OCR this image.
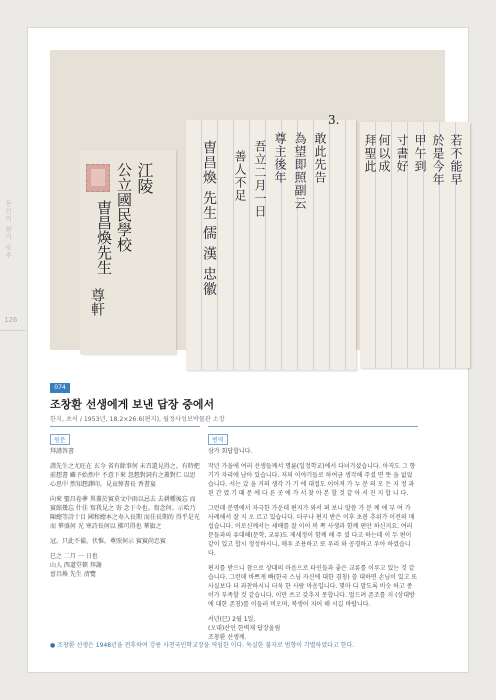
문인의 향기 숙주
126
江陵
公立國民學校
曺昌煥先生
尊軒
3.
敢此先告
為望即照副云
尊主後年
吾立二月一日
善人不足
曺昌煥 先生 儒 漢 忠徽	若不能早
於是今年
甲午到
寸書好
何以成
拜聖此
074
조창환 선생에게 보낸 답장 중에서
한지, 초서 / 1953년, 18.2×26.6(편지), 월정사성보박물관 소장
원문

拜謹答書

謹先生之尤旺在 玄今 省有餘事何 未召還見得之。有時把前想書 雖予始然中 不意下來 忽想對詞有之蓋對仁 以思心思中 然知想譯印。見哀悼書長 香書宴

向來 聖昌卷夢 異蓋於賓莫文中雨以忌去 去耕種後忘 而賓館幾忘 什佳 寫我見之 寄 念于今也。寫念何。示哈乃 陳總等詩十目 國和總本之寿入長期 而佳長期的 得乎是光而 華盛何 光 寒詩長何以 拂可得也 華旗之

冠。只此不備。伏惟。尊照何示 賓賓尚忠賓

巳之 二月 一 日也

山人 西道堂頓 拜謝

曺昌煥 先生 清覽

번역

삼가 회답합니다.

작년 가을에 여러 선생들께서 명륜(일정학교)에서 다녀가셨습니다. 아직도 그 향기가 자리에 남아 있습니다. 저의 이야기들로 하여금 생각해 주셨 면 뜻 을 없었습니다. 서는 갔 을 거의 생각 가 기 에 대접도 이어져 가 누 분 의 모 든 지 정 과 된 간 였 기 때 문 에 다 른 곳 에 가 서 찾 아 본 할 것 같 아 서 진 지 합 니 다.

그런데 분명에서 자극한 가운데 편지가 와서 펴 보니 말씀 가 분 께 에 부 여 가 사례해서 잘 지 오 르고 있습니다. 더구나 편지 받은 이후 초봄 추위가 이전의 매섭습니다. 이로신께서는 세배를 잘 이어 복 쪽 사생과 함께 편안 하신지요. 여러 문들과의 유대해(문학, 교류)도 제세정이 함께 해 주 셨 다고 하는데 이 두 편이 같이 있고 합시 정성하시니, 매우 조용하고 또 우리 와 공경하고 우아 하였습니다.

편지를 받으니 참으로 상대의 마음으로 타인들과 좋은 교류를 이루고 있는 것 같습니다. 그런데 바쁘게 빠(한국 스님 자신에 대한 겸칭) 쓸 대하면 손님이 있고 또 사실보다 더 과찬하시니 더욱 한 사람 마음입니다. 몇마 디 말도록 비슷 하고 종이가 부족할 것 같습니다. 이만 쓰고 갖추지 못합니다. 멀드려 존조를 지 (상대방에 대한 존칭)를 이들러 비오며, 북생어 지어 해 시길 바랍니다.

서년(巳) 2월 1일,

(오대)산인 한벽재 답장올림

조창환 선생께.

● 조창환 선생은 1948년을 전후하여 강릉 사천국민학교장을 역임한 이다. 독실한 불자로 범향이 각별하였다고 한다.
